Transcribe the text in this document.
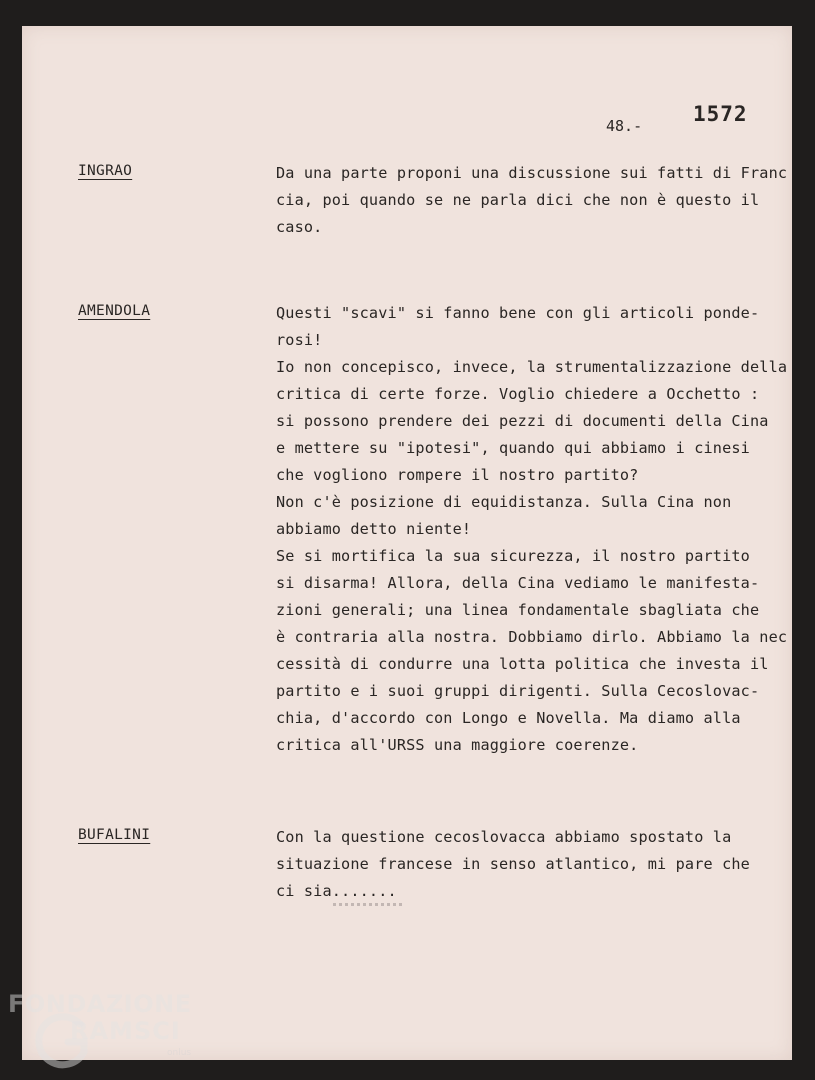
48.- 1572
INGRAO	Da una parte proponi una discussione sui fatti di Franc
cia, poi quando se ne parla dici che non è questo il
caso.
AMENDOLA	Questi "scavi" si fanno bene con gli articoli ponde-
rosi!
Io non concepisco, invece, la strumentalizzazione della
critica di certe forze. Voglio chiedere a Occhetto :
si possono prendere dei pezzi di documenti della Cina
e mettere su "ipotesi", quando qui abbiamo i cinesi
che vogliono rompere il nostro partito?
Non c'è posizione di equidistanza. Sulla Cina non
abbiamo detto niente!
Se si mortifica la sua sicurezza, il nostro partito
si disarma! Allora, della Cina vediamo le manifesta-
zioni generali; una linea fondamentale sbagliata che
è contraria alla nostra. Dobbiamo dirlo. Abbiamo la nec
cessità di condurre una lotta politica che investa il
partito e i suoi gruppi dirigenti. Sulla Cecoslovac-
chia, d'accordo con Longo e Novella. Ma diamo alla
critica all'URSS una maggiore coerenze.
BUFALINI	Con la questione cecoslovacca abbiamo spostato la
situazione francese in senso atlantico, mi pare che
ci sia.......
FONDAZIONE
RAMSCI
onlus
